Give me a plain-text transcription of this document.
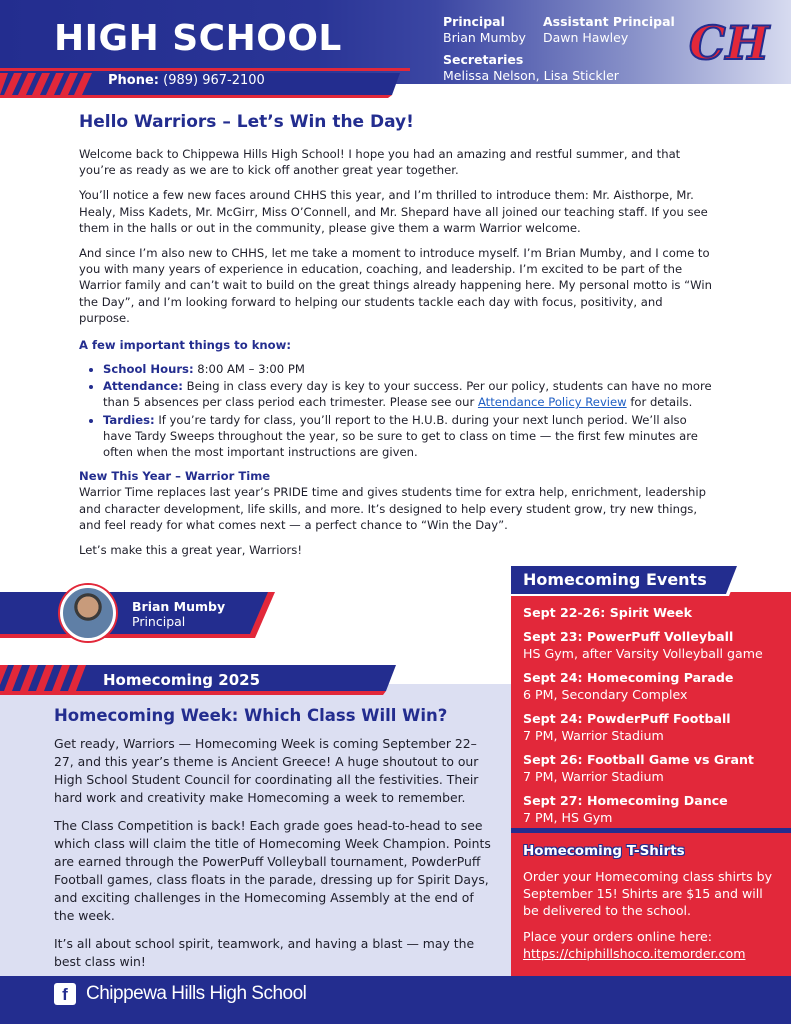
HIGH SCHOOL
Phone: (989) 967-2100
Principal
Brian Mumby
Assistant Principal
Dawn Hawley
Secretaries
Melissa Nelson, Lisa Stickler
CH
Hello Warriors – Let’s Win the Day!

Welcome back to Chippewa Hills High School! I hope you had an amazing and restful summer, and that you’re as ready as we are to kick off another great year together.

You’ll notice a few new faces around CHHS this year, and I’m thrilled to introduce them: Mr. Aisthorpe, Mr. Healy, Miss Kadets, Mr. McGirr, Miss O’Connell, and Mr. Shepard have all joined our teaching staff. If you see them in the halls or out in the community, please give them a warm Warrior welcome.

And since I’m also new to CHHS, let me take a moment to introduce myself. I’m Brian Mumby, and I come to you with many years of experience in education, coaching, and leadership. I’m excited to be part of the Warrior family and can’t wait to build on the great things already happening here. My personal motto is “Win the Day”, and I’m looking forward to helping our students tackle each day with focus, positivity, and purpose.

A few important things to know:
• School Hours: 8:00 AM – 3:00 PM
• Attendance: Being in class every day is key to your success. Per our policy, students can have no more than 5 absences per class period each trimester. Please see our Attendance Policy Review for details.
• Tardies: If you’re tardy for class, you’ll report to the H.U.B. during your next lunch period. We’ll also have Tardy Sweeps throughout the year, so be sure to get to class on time — the first few minutes are often when the most important instructions are given.
New This Year – Warrior Time

Warrior Time replaces last year’s PRIDE time and gives students time for extra help, enrichment, leadership and character development, life skills, and more. It’s designed to help every student grow, try new things, and feel ready for what comes next — a perfect chance to “Win the Day”.

Let’s make this a great year, Warriors!

Brian Mumby
Principal
Homecoming 2025
Homecoming Week: Which Class Will Win?

Get ready, Warriors — Homecoming Week is coming September 22–27, and this year’s theme is Ancient Greece! A huge shoutout to our High School Student Council for coordinating all the festivities. Their hard work and creativity make Homecoming a week to remember.

The Class Competition is back! Each grade goes head-to-head to see which class will claim the title of Homecoming Week Champion. Points are earned through the PowerPuff Volleyball tournament, PowderPuff Football games, class floats in the parade, dressing up for Spirit Days, and exciting challenges in the Homecoming Assembly at the end of the week.

It’s all about school spirit, teamwork, and having a blast — may the best class win!

Homecoming Events
Sept 22-26: Spirit Week
Sept 23: PowerPuff Volleyball
HS Gym, after Varsity Volleyball game
Sept 24: Homecoming Parade
6 PM, Secondary Complex
Sept 24: PowderPuff Football
7 PM, Warrior Stadium
Sept 26: Football Game vs Grant
7 PM, Warrior Stadium
Sept 27: Homecoming Dance
7 PM, HS Gym
Homecoming T-Shirts

Order your Homecoming class shirts by September 15! Shirts are $15 and will be delivered to the school.

Place your orders online here:
https://chiphillshoco.itemorder.com

f Chippewa Hills High School
